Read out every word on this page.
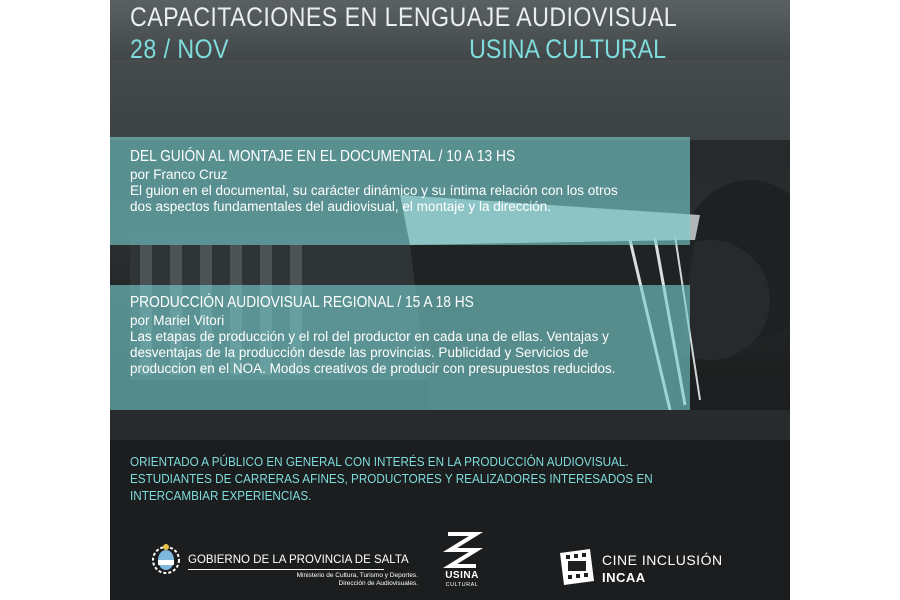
CAPACITACIONES EN LENGUAJE AUDIOVISUAL
28 / NOV	USINA CULTURAL
DEL GUIÓN AL MONTAJE EN EL DOCUMENTAL / 10 A 13 HS
por Franco Cruz
El guion en el documental, su carácter dinámico y su íntima relación con los otros dos aspectos fundamentales del audiovisual, el montaje y la dirección.
PRODUCCIÓN AUDIOVISUAL REGIONAL / 15 A 18 HS
por Mariel Vitori
Las etapas de producción y el rol del productor en cada una de ellas. Ventajas y desventajas de la producción desde las provincias. Publicidad y Servicios de produccion en el NOA. Modos creativos de producir con presupuestos reducidos.
ORIENTADO A PÚBLICO EN GENERAL CON INTERÉS EN LA PRODUCCIÓN AUDIOVISUAL. ESTUDIANTES DE CARRERAS AFINES, PRODUCTORES Y REALIZADORES INTERESADOS EN INTERCAMBIAR EXPERIENCIAS.
GOBIERNO DE LA PROVINCIA DE SALTA
Ministerio de Cultura, Turismo y Deportes.
Dirección de Audiovisuales.
USINA
CULTURAL
CINE INCLUSIÓN
INCAA
